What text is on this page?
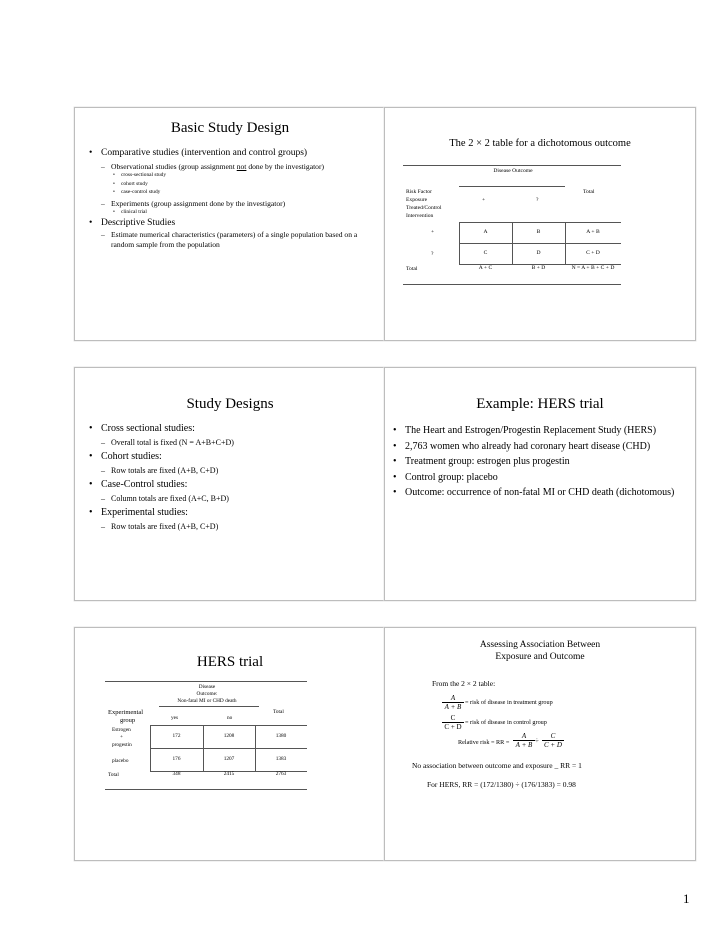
Basic Study Design
• Comparative studies (intervention and control groups)
– Observational studies (group assignment not done by the investigator)
• cross-sectional study
• cohort study
• case-control study
– Experiments (group assignment done by the investigator)
• clinical trial
• Descriptive Studies
– Estimate numerical characteristics (parameters) of a single population based on a random sample from the population
The 2 × 2 table for a dichotomous outcome
Disease Outcome
Risk Factor
Exposure
Treated/Control
Intervention
+	?
Total
+	A	B	A + B
?	C	D	C + D
Total	A + C	B + D	N = A + B + C + D
Study Designs
• Cross sectional studies:
– Overall total is fixed (N = A+B+C+D)
• Cohort studies:
– Row totals are fixed (A+B, C+D)
• Case-Control studies:
– Column totals are fixed (A+C, B+D)
• Experimental studies:
– Row totals are fixed (A+B, C+D)
Example: HERS trial
• The Heart and Estrogen/Progestin Replacement Study (HERS)
• 2,763 women who already had coronary heart disease (CHD)
• Treatment group: estrogen plus progestin
• Control group: placebo
• Outcome: occurrence of non-fatal MI or CHD death (dichotomous)
HERS trial
Disease
Outcome:
Non-fatal MI or CHD death
Experimental
group	yes	no
Total
Estrogen
+
progestin
172	1208	1380
placebo	176	1207	1383
Total	348	2415	2763
Assessing Association Between
Exposure and Outcome
From the 2 × 2 table:
$\frac{A}{A + B}$ = risk of disease in treatment group
$\frac{C}{C + D}$ = risk of disease in control group
Relative risk = RR = $\frac{A}{A + B} \div \frac{C}{C + D}$
No association between outcome and exposure _ RR = 1
For HERS, RR = (172/1380) ÷ (176/1383) = 0.98
1
